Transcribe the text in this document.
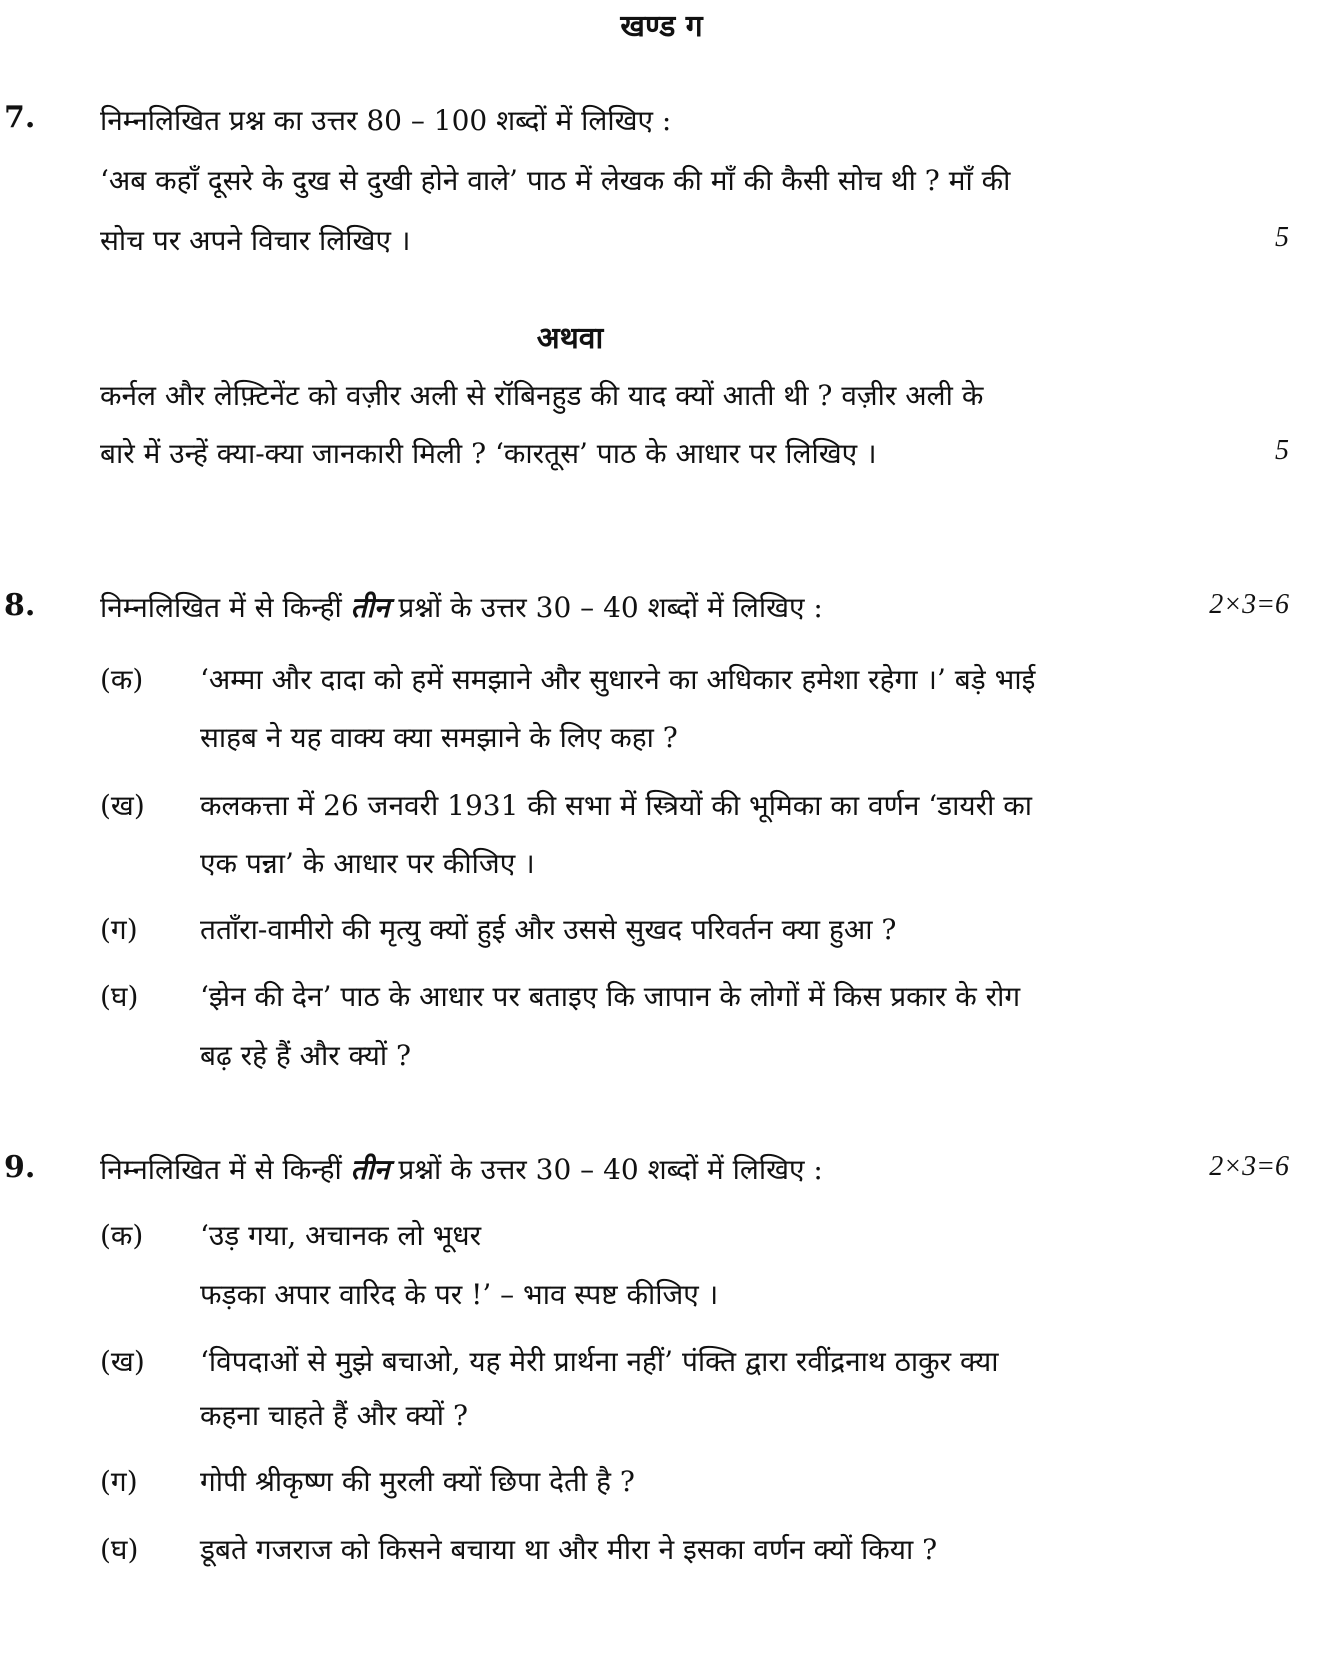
खण्ड ग
7. निम्नलिखित प्रश्न का उत्तर 80 – 100 शब्दों में लिखिए :
‘अब कहाँ दूसरे के दुख से दुखी होने वाले’ पाठ में लेखक की माँ की कैसी सोच थी ? माँ की
सोच पर अपने विचार लिखिए ।	5
अथवा
कर्नल और लेफ़्टिनेंट को वज़ीर अली से रॉबिनहुड की याद क्यों आती थी ? वज़ीर अली के
बारे में उन्हें क्या-क्या जानकारी मिली ? ‘कारतूस’ पाठ के आधार पर लिखिए ।	5
8. निम्नलिखित में से किन्हीं तीन प्रश्नों के उत्तर 30 – 40 शब्दों में लिखिए :	2×3=6
(क) ‘अम्मा और दादा को हमें समझाने और सुधारने का अधिकार हमेशा रहेगा ।’ बड़े भाई
साहब ने यह वाक्य क्या समझाने के लिए कहा ?
(ख) कलकत्ता में 26 जनवरी 1931 की सभा में स्त्रियों की भूमिका का वर्णन ‘डायरी का
एक पन्ना’ के आधार पर कीजिए ।
(ग) तताँरा-वामीरो की मृत्यु क्यों हुई और उससे सुखद परिवर्तन क्या हुआ ?
(घ) ‘झेन की देन’ पाठ के आधार पर बताइए कि जापान के लोगों में किस प्रकार के रोग
बढ़ रहे हैं और क्यों ?
9. निम्नलिखित में से किन्हीं तीन प्रश्नों के उत्तर 30 – 40 शब्दों में लिखिए :	2×3=6
(क) ‘उड़ गया, अचानक लो भूधर
फड़का अपार वारिद के पर !’ – भाव स्पष्ट कीजिए ।
(ख) ‘विपदाओं से मुझे बचाओ, यह मेरी प्रार्थना नहीं’ पंक्ति द्वारा रवींद्रनाथ ठाकुर क्या
कहना चाहते हैं और क्यों ?
(ग) गोपी श्रीकृष्ण की मुरली क्यों छिपा देती है ?
(घ) डूबते गजराज को किसने बचाया था और मीरा ने इसका वर्णन क्यों किया ?
